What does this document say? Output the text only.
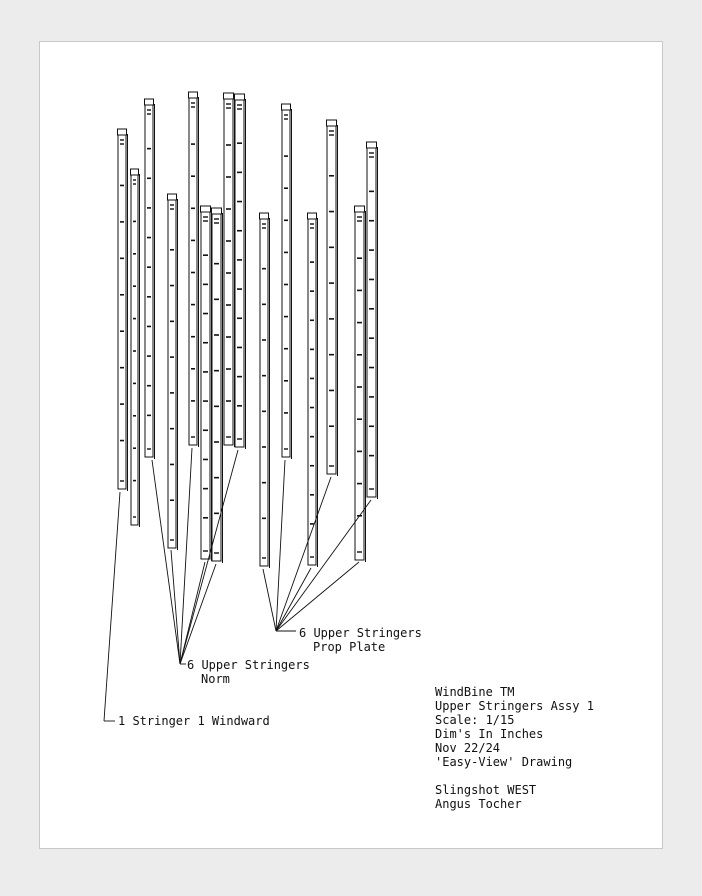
1 Stringer 1 Windward
6 Upper Stringers
Norm
6 Upper Stringers
Prop Plate
WindBine TM
Upper Stringers Assy 1
Scale: 1/15
Dim's In Inches
Nov 22/24
'Easy-View' Drawing

Slingshot WEST
Angus Tocher
